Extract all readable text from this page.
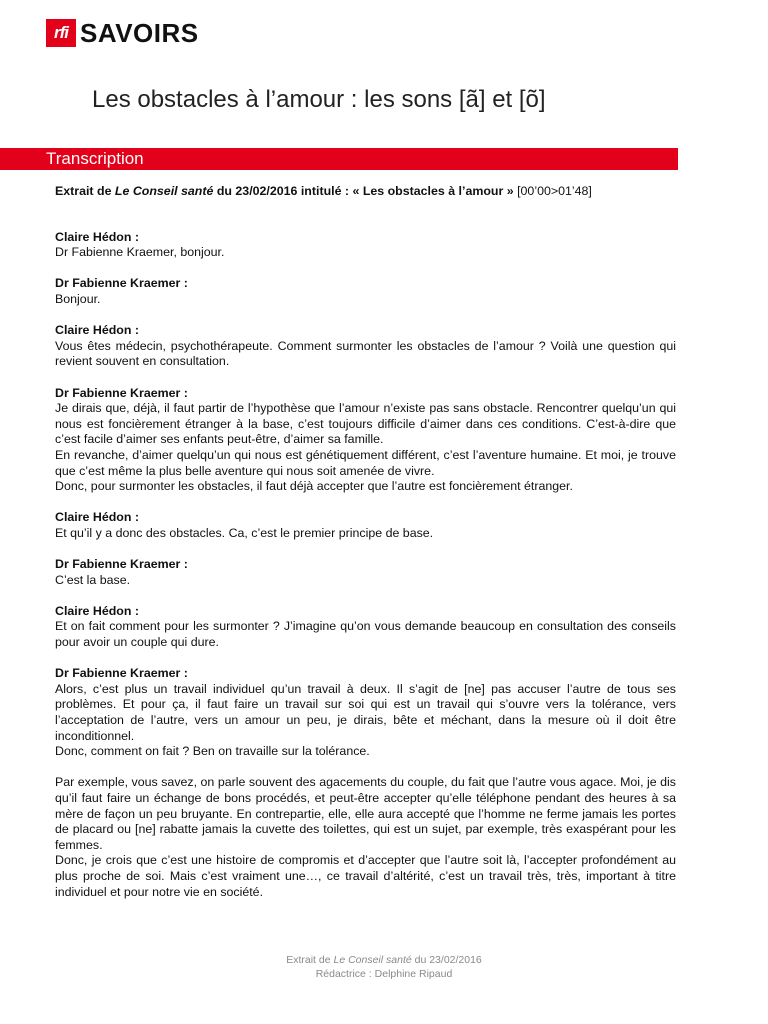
rfi SAVOIRS
Les obstacles à l’amour : les sons [ã] et [õ]
Transcription

Extrait de Le Conseil santé du 23/02/2016 intitulé : « Les obstacles à l’amour » [00’00>01’48]

Claire Hédon :

Dr Fabienne Kraemer, bonjour.

Dr Fabienne Kraemer :

Bonjour.

Claire Hédon :

Vous êtes médecin, psychothérapeute. Comment surmonter les obstacles de l’amour ? Voilà une question qui revient souvent en consultation.

Dr Fabienne Kraemer :

Je dirais que, déjà, il faut partir de l’hypothèse que l’amour n’existe pas sans obstacle. Rencontrer quelqu’un qui nous est foncièrement étranger à la base, c’est toujours difficile d’aimer dans ces conditions. C’est-à-dire que c’est facile d’aimer ses enfants peut-être, d’aimer sa famille.

En revanche, d’aimer quelqu’un qui nous est génétiquement différent, c’est l’aventure humaine. Et moi, je trouve que c’est même la plus belle aventure qui nous soit amenée de vivre.

Donc, pour surmonter les obstacles, il faut déjà accepter que l’autre est foncièrement étranger.

Claire Hédon :

Et qu’il y a donc des obstacles. Ca, c’est le premier principe de base.

Dr Fabienne Kraemer :

C’est la base.

Claire Hédon :

Et on fait comment pour les surmonter ? J’imagine qu’on vous demande beaucoup en consultation des conseils pour avoir un couple qui dure.

Dr Fabienne Kraemer :

Alors, c’est plus un travail individuel qu’un travail à deux. Il s’agit de [ne] pas accuser l’autre de tous ses problèmes. Et pour ça, il faut faire un travail sur soi qui est un travail qui s’ouvre vers la tolérance, vers l’acceptation de l’autre, vers un amour un peu, je dirais, bête et méchant, dans la mesure où il doit être inconditionnel.

Donc, comment on fait ? Ben on travaille sur la tolérance.

Par exemple, vous savez, on parle souvent des agacements du couple, du fait que l’autre vous agace. Moi, je dis qu’il faut faire un échange de bons procédés, et peut-être accepter qu’elle téléphone pendant des heures à sa mère de façon un peu bruyante. En contrepartie, elle, elle aura accepté que l’homme ne ferme jamais les portes de placard ou [ne] rabatte jamais la cuvette des toilettes, qui est un sujet, par exemple, très exaspérant pour les femmes.

Donc, je crois que c’est une histoire de compromis et d’accepter que l’autre soit là, l’accepter profondément au plus proche de soi. Mais c’est vraiment une…, ce travail d’altérité, c’est un travail très, très, important à titre individuel et pour notre vie en société.

Extrait de Le Conseil santé du 23/02/2016

Rédactrice : Delphine Ripaud
